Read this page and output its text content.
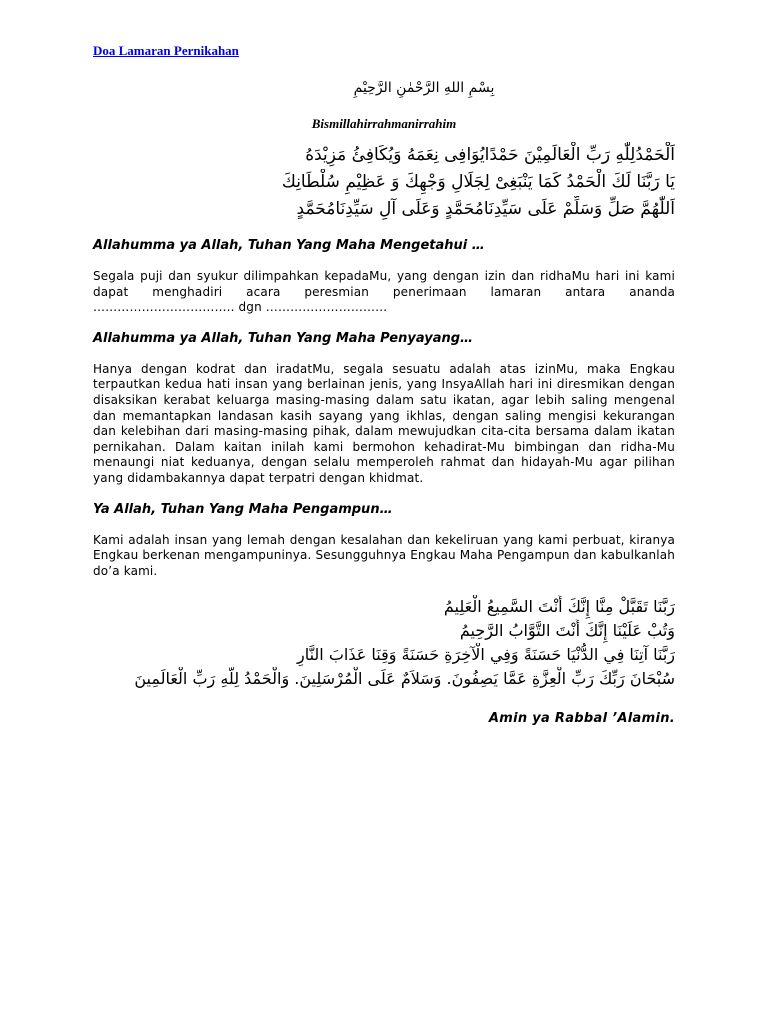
Doa Lamaran Pernikahan
بِسْمِ اللهِ الرَّحْمٰنِ الرَّحِيْمِ
Bismillahirrahmanirrahim
اَلْحَمْدُلِلّٰهِ رَبِّ الْعَالَمِيْنَ حَمْدًايُوَافِى نِعَمَهُ وَيُكَافِئُ مَزِيْدَهُ
يَا رَبَّنَا لَكَ الْحَمْدُ كَمَا يَنْبَغِىْ لِجَلَالِ وَجْهِكَ وَ عَظِيْمِ سُلْطَانِكَ
اَللّٰهُمَّ صَلِّ وَسَلِّمْ عَلَى سَيِّدِنَامُحَمَّدٍ وَعَلَى آلِ سَيِّدِنَامُحَمَّدٍ
Allahumma ya Allah, Tuhan Yang Maha Mengetahui …
Segala puji dan syukur dilimpahkan kepadaMu, yang dengan izin dan ridhaMu hari ini kami dapat menghadiri acara peresmian penerimaan lamaran antara ananda …………………………….. dgn …………………………
Allahumma ya Allah, Tuhan Yang Maha Penyayang…
Hanya dengan kodrat dan iradatMu, segala sesuatu adalah atas izinMu, maka Engkau terpautkan kedua hati insan yang berlainan jenis, yang InsyaAllah hari ini diresmikan dengan disaksikan kerabat keluarga masing-masing dalam satu ikatan, agar lebih saling mengenal dan memantapkan landasan kasih sayang yang ikhlas, dengan saling mengisi kekurangan dan kelebihan dari masing-masing pihak, dalam mewujudkan cita-cita bersama dalam ikatan pernikahan. Dalam kaitan inilah kami bermohon kehadirat-Mu bimbingan dan ridha-Mu menaungi niat keduanya, dengan selalu memperoleh rahmat dan hidayah-Mu agar pilihan yang didambakannya dapat terpatri dengan khidmat.
Ya Allah, Tuhan Yang Maha Pengampun…
Kami adalah insan yang lemah dengan kesalahan dan kekeliruan yang kami perbuat, kiranya Engkau berkenan mengampuninya. Sesungguhnya Engkau Maha Pengampun dan kabulkanlah do’a kami.
رَبَّنَا تَقَبَّلْ مِنَّا إِنَّكَ أَنْتَ السَّمِيعُ الْعَلِيمُ
وَتُبْ عَلَيْنَا إِنَّكَ أَنْتَ التَّوَّابُ الرَّحِيمُ
رَبَّنَا آتِنَا فِي الدُّنْيَا حَسَنَةً وَفِي الْآخِرَةِ حَسَنَةً وَقِنَا عَذَابَ النَّارِ
سُبْحَانَ رَبِّكَ رَبِّ الْعِزَّةِ عَمَّا يَصِفُونَ. وَسَلاَمٌ عَلَى الْمُرْسَلِينَ. وَالْحَمْدُ لِلَّهِ رَبِّ الْعَالَمِينَ
Amin ya Rabbal ’Alamin.
